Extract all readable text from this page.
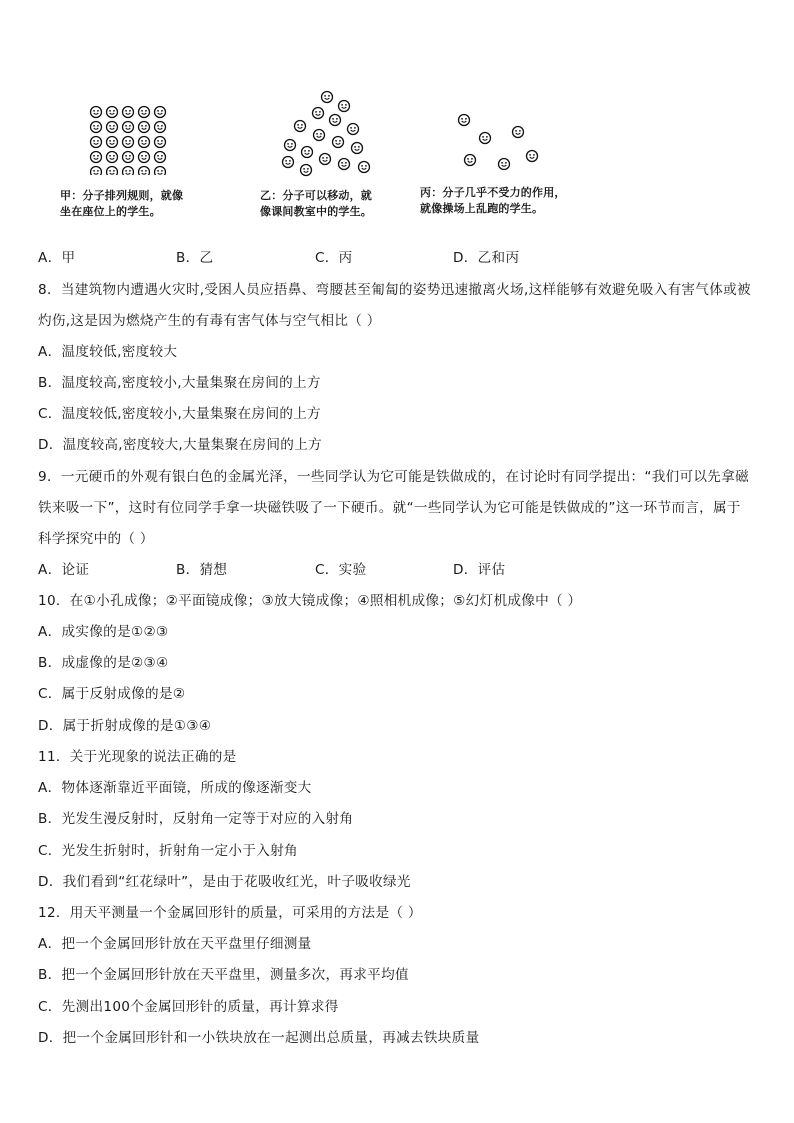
甲：分子排列规则，就像
坐在座位上的学生。
乙：分子可以移动，就
像课间教室中的学生。
丙：分子几乎不受力的作用，
就像操场上乱跑的学生。
A．甲	B．乙	C．丙	D．乙和丙
8．当建筑物内遭遇火灾时,受困人员应捂鼻、弯腰甚至匍匐的姿势迅速撤离火场,这样能够有效避免吸入有害气体或被
灼伤,这是因为燃烧产生的有毒有害气体与空气相比（ ）
A．温度较低,密度较大
B．温度较高,密度较小,大量集聚在房间的上方
C．温度较低,密度较小,大量集聚在房间的上方
D．温度较高,密度较大,大量集聚在房间的上方
9．一元硬币的外观有银白色的金属光泽，一些同学认为它可能是铁做成的，在讨论时有同学提出：“我们可以先拿磁
铁来吸一下”，这时有位同学手拿一块磁铁吸了一下硬币。就“一些同学认为它可能是铁做成的”这一环节而言，属于
科学探究中的（ ）
A．论证	B．猜想	C．实验	D．评估
10．在①小孔成像；②平面镜成像；③放大镜成像；④照相机成像；⑤幻灯机成像中（ ）
A．成实像的是①②③
B．成虚像的是②③④
C．属于反射成像的是②
D．属于折射成像的是①③④
11．关于光现象的说法正确的是
A．物体逐渐靠近平面镜，所成的像逐渐变大
B．光发生漫反射时，反射角一定等于对应的入射角
C．光发生折射时，折射角一定小于入射角
D．我们看到“红花绿叶”，是由于花吸收红光，叶子吸收绿光
12．用天平测量一个金属回形针的质量，可采用的方法是（ ）
A．把一个金属回形针放在天平盘里仔细测量
B．把一个金属回形针放在天平盘里，测量多次，再求平均值
C．先测出100个金属回形针的质量，再计算求得
D．把一个金属回形针和一小铁块放在一起测出总质量，再减去铁块质量
